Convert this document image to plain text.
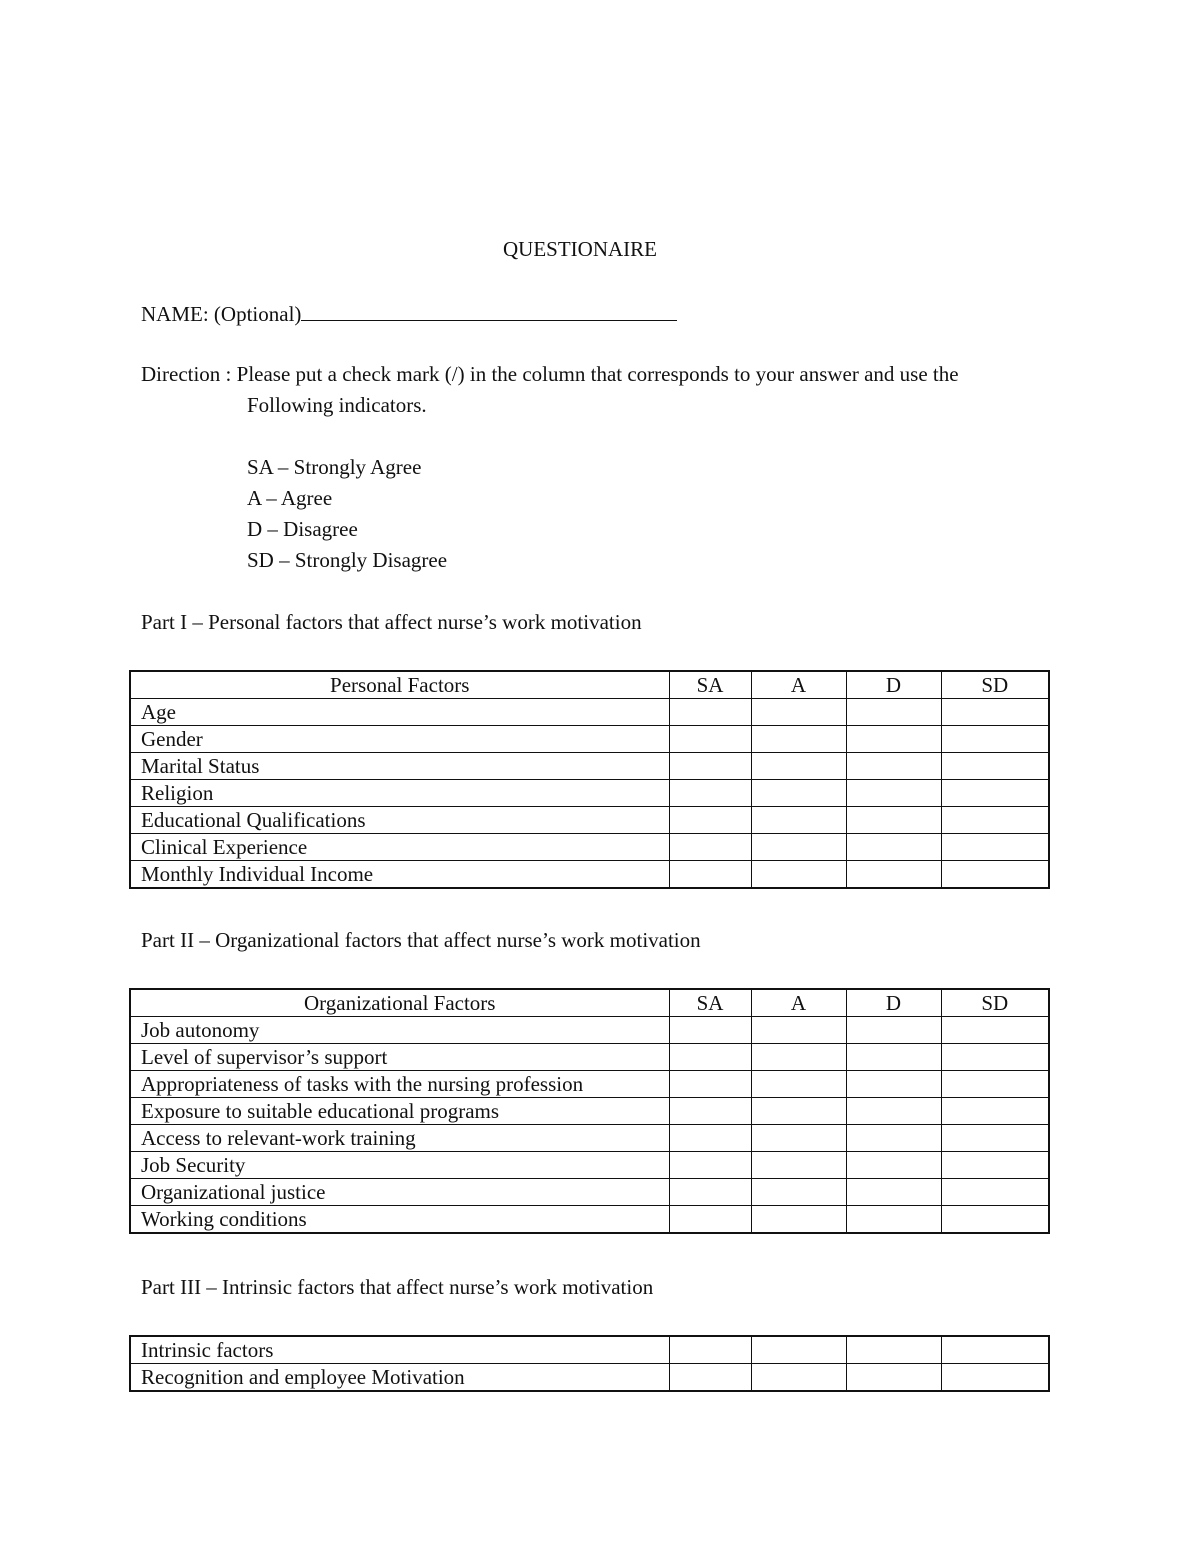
QUESTIONAIRE
NAME: (Optional)
Direction : Please put a check mark (/) in the column that corresponds to your answer and use the
Following indicators.
SA – Strongly Agree
A – Agree
D – Disagree
SD – Strongly Disagree
Part I – Personal factors that affect nurse’s work motivation
Personal Factors	SA	A	D	SD
Age				
Gender				
Marital Status				
Religion				
Educational Qualifications				
Clinical Experience				
Monthly Individual Income				
Part II – Organizational factors that affect nurse’s work motivation
Organizational Factors	SA	A	D	SD
Job autonomy				
Level of supervisor’s support				
Appropriateness of tasks with the nursing profession				
Exposure to suitable educational programs				
Access to relevant-work training				
Job Security				
Organizational justice				
Working conditions				
Part III – Intrinsic factors that affect nurse’s work motivation
Intrinsic factors				
Recognition and employee Motivation				
